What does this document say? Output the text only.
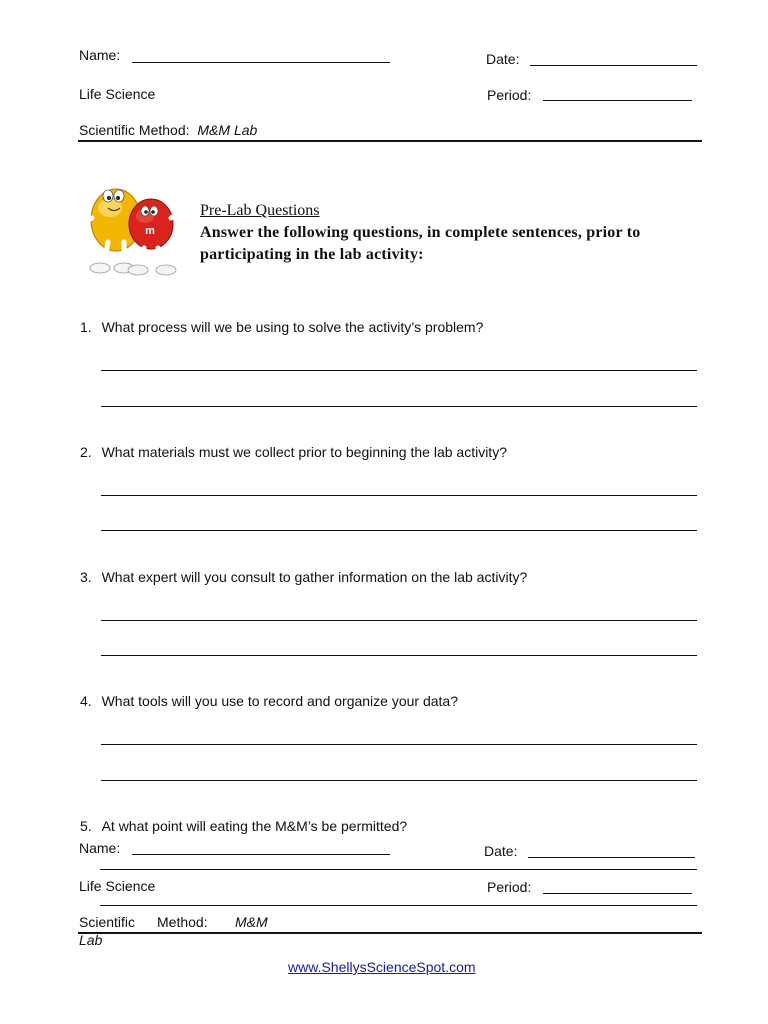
Name:	Date:
Life Science	Period:
Scientific Method: M&M Lab
m
Pre-Lab Questions
Answer the following questions, in complete sentences, prior to participating in the lab activity:
1. What process will we be using to solve the activity’s problem?
2. What materials must we collect prior to beginning the lab activity?
3. What expert will you consult to gather information on the lab activity?
4. What tools will you use to record and organize your data?
5. At what point will eating the M&M’s be permitted?
Name:	Date:
Life Science	Period:
Scientific Method: M&M
Lab
www.ShellysScienceSpot.com
